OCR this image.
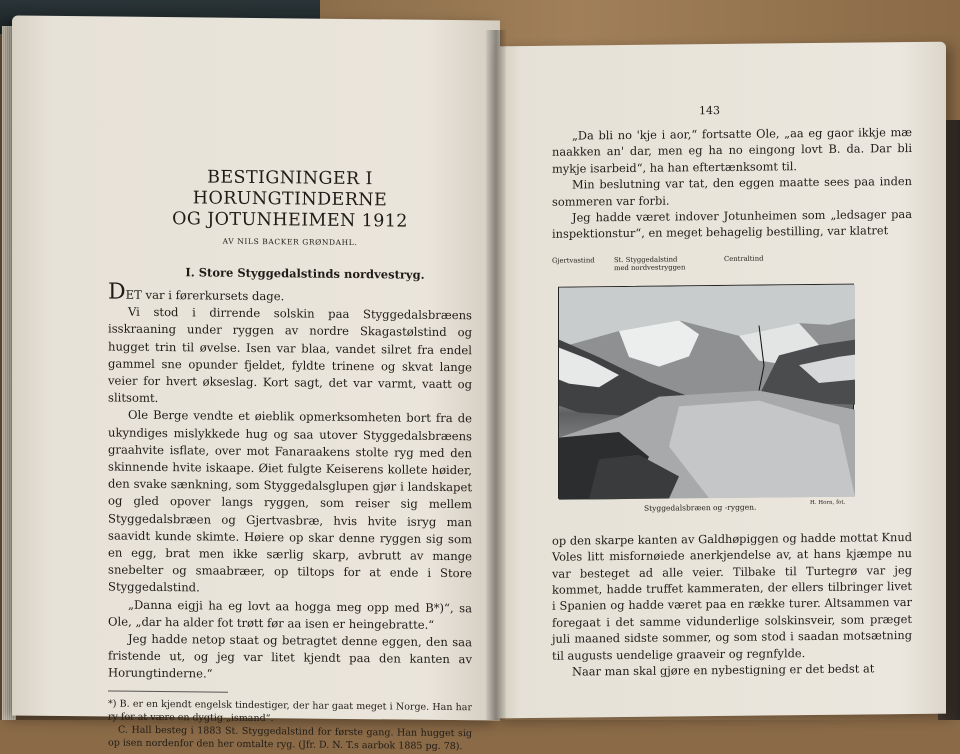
BESTIGNINGER I HORUNGTINDERNE
OG JOTUNHEIMEN 1912
AV NILS BACKER GRØNDAHL.
I. Store Styggedalstinds nordvestryg.

DET var i førerkursets dage.

Vi stod i dirrende solskin paa Styggedalsbræens isskraaning under ryggen av nordre Skagastølstind og hugget trin til øvelse. Isen var blaa, vandet silret fra endel gammel sne opunder fjeldet, fyldte trinene og skvat lange veier for hvert økseslag. Kort sagt, det var varmt, vaatt og slitsomt.

Ole Berge vendte et øieblik opmerksomheten bort fra de ukyndiges mislykkede hug og saa utover Styggedalsbræens graahvite isflate, over mot Fanaraakens stolte ryg med den skinnende hvite iskaape. Øiet fulgte Keiserens kollete høider, den svake sænkning, som Styggedalsglupen gjør i landskapet og gled opover langs ryggen, som reiser sig mellem Styggedalsbræen og Gjertvasbræ, hvis hvite isryg man saavidt kunde skimte. Høiere op skar denne ryggen sig som en egg, brat men ikke særlig skarp, avbrutt av mange snebelter og smaabræer, op tiltops for at ende i Store Styggedalstind.

„Danna eigji ha eg lovt aa hogga meg opp med B*)“, sa Ole, „dar ha alder fot trøtt før aa isen er heingebratte.“

Jeg hadde netop staat og betragtet denne eggen, den saa fristende ut, og jeg var litet kjendt paa den kanten av Horungtinderne.“

*) B. er en kjendt engelsk tindestiger, der har gaat meget i Norge. Han har ry for at være en dygtig „ismand“.

C. Hall besteg i 1883 St. Styggedalstind for første gang. Han hugget sig op isen nordenfor den her omtalte ryg. (Jfr. D. N. T.s aarbok 1885 pg. 78).

143

„Da bli no 'kje i aor,“ fortsatte Ole, „aa eg gaor ikkje mæ naakken an' dar, men eg ha no eingong lovt B. da. Dar bli mykje isarbeid“, ha han eftertænksomt til.

Min beslutning var tat, den eggen maatte sees paa inden sommeren var forbi.

Jeg hadde været indover Jotunheimen som „ledsager paa inspektionstur“, en meget behagelig bestilling, var klatret

Gjertvastind	St. Styggedalstind
med nordvestryggen
Centraltind
Styggedalsbræen og -ryggen.	H. Horn, fot.

op den skarpe kanten av Galdhøpiggen og hadde mottat Knud Voles litt misfornøiede anerkjendelse av, at hans kjæmpe nu var besteget ad alle veier. Tilbake til Turtegrø var jeg kommet, hadde truffet kammeraten, der ellers tilbringer livet i Spanien og hadde været paa en række turer. Altsammen var foregaat i det samme vidunderlige solskinsveir, som præget juli maaned sidste sommer, og som stod i saadan motsætning til augusts uendelige graaveir og regnfylde.

Naar man skal gjøre en nybestigning er det bedst at
